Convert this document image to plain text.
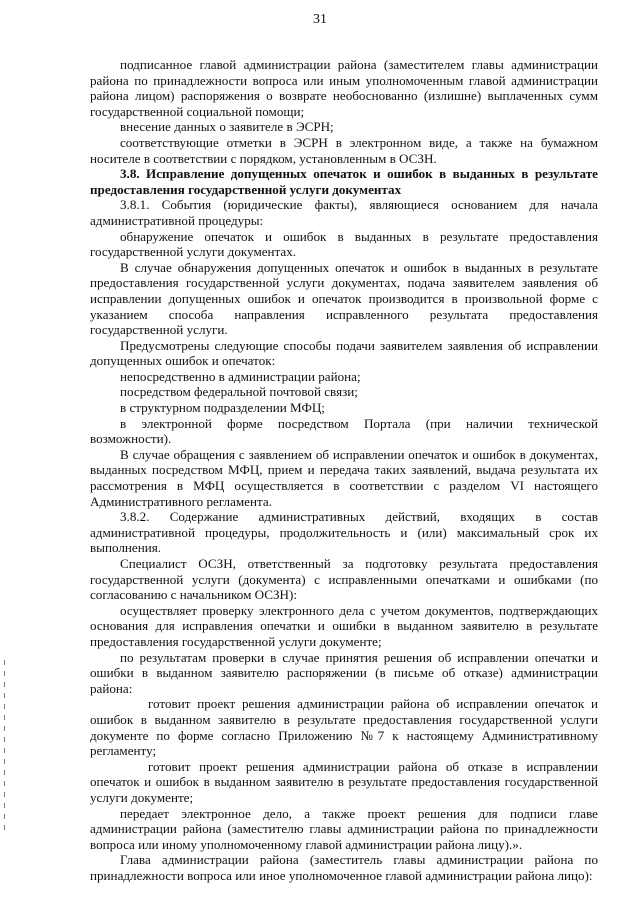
31

подписанное главой администрации района (заместителем главы администрации района по принадлежности вопроса или иным уполномоченным главой администрации района лицом) распоряжения о возврате необоснованно (излишне) выплаченных сумм государственной социальной помощи;

внесение данных о заявителе в ЭСРН;

соответствующие отметки в ЭСРН в электронном виде, а также на бумажном носителе в соответствии с порядком, установленным в ОСЗН.

3.8. Исправление допущенных опечаток и ошибок в выданных в результате предоставления государственной услуги документах

3.8.1. События (юридические факты), являющиеся основанием для начала административной процедуры:

обнаружение опечаток и ошибок в выданных в результате предоставления государственной услуги документах.

В случае обнаружения допущенных опечаток и ошибок в выданных в результате предоставления государственной услуги документах, подача заявителем заявления об исправлении допущенных ошибок и опечаток производится в произвольной форме с указанием способа направления исправленного результата предоставления государственной услуги.

Предусмотрены следующие способы подачи заявителем заявления об исправлении допущенных ошибок и опечаток:

непосредственно в администрации района;

посредством федеральной почтовой связи;

в структурном подразделении МФЦ;

в электронной форме посредством Портала (при наличии технической возможности).

В случае обращения с заявлением об исправлении опечаток и ошибок в документах, выданных посредством МФЦ, прием и передача таких заявлений, выдача результата их рассмотрения в МФЦ осуществляется в соответствии с разделом VI настоящего Административного регламента.

3.8.2. Содержание административных действий, входящих в состав административной процедуры, продолжительность и (или) максимальный срок их выполнения.

Специалист ОСЗН, ответственный за подготовку результата предоставления государственной услуги (документа) с исправленными опечатками и ошибками (по согласованию с начальником ОСЗН):

осуществляет проверку электронного дела с учетом документов, подтверждающих основания для исправления опечатки и ошибки в выданном заявителю в результате предоставления государственной услуги документе;

по результатам проверки в случае принятия решения об исправлении опечатки и ошибки в выданном заявителю распоряжении (в письме об отказе) администрации района:

готовит проект решения администрации района об исправлении опечаток и ошибок в выданном заявителю в результате предоставления государственной услуги документе по форме согласно Приложению №7 к настоящему Административному регламенту;

готовит проект решения администрации района об отказе в исправлении опечаток и ошибок в выданном заявителю в результате предоставления государственной услуги документе;

передает электронное дело, а также проект решения для подписи главе администрации района (заместителю главы администрации района по принадлежности вопроса или иному уполномоченному главой администрации района лицу).».

Глава администрации района (заместитель главы администрации района по принадлежности вопроса или иное уполномоченное главой администрации района лицо):
